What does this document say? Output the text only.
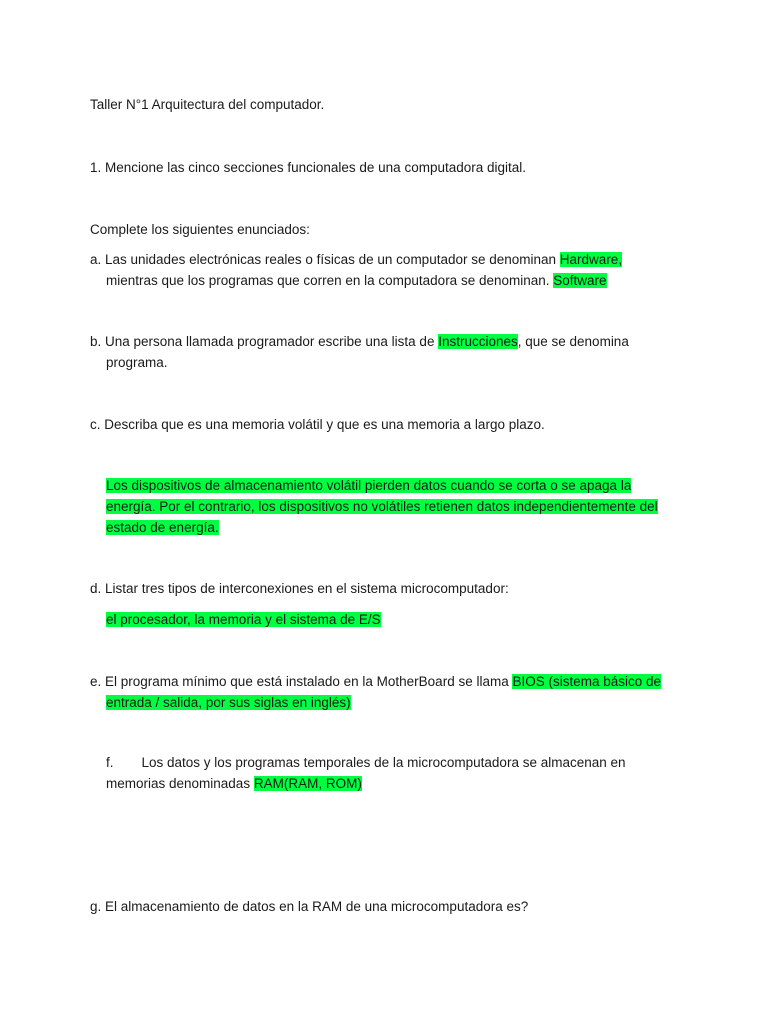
Taller N°1 Arquitectura del computador.
1. Mencione las cinco secciones funcionales de una computadora digital.
Complete los siguientes enunciados:
a. Las unidades electrónicas reales o físicas de un computador se denominan Hardware,
mientras que los programas que corren en la computadora se denominan. Software
b. Una persona llamada programador escribe una lista de Instrucciones, que se denomina
programa.
c. Describa que es una memoria volátil y que es una memoria a largo plazo.
Los dispositivos de almacenamiento volátil pierden datos cuando se corta o se apaga la
energía. Por el contrario, los dispositivos no volátiles retienen datos independientemente del
estado de energía.
d. Listar tres tipos de interconexiones en el sistema microcomputador:
el procesador, la memoria y el sistema de E/S
e. El programa mínimo que está instalado en la MotherBoard se llama BIOS (sistema básico de
entrada / salida, por sus siglas en inglés)
f. Los datos y los programas temporales de la microcomputadora se almacenan en
memorias denominadas RAM(RAM, ROM)
g. El almacenamiento de datos en la RAM de una microcomputadora es?
